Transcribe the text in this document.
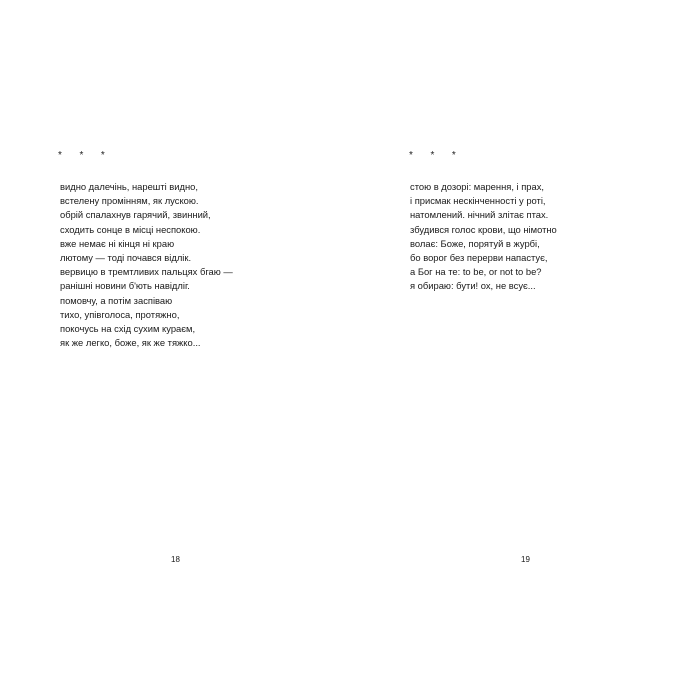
*  *  *
видно далечінь, нарешті видно,
встелену промінням, як лускою.
обрій спалахнув гарячий, звинний,
сходить сонце в місці неспокою.
вже немає ні кінця ні краю
лютому — тоді почався відлік.
вервицю в тремтливих пальцях бгаю —
ранішні новини б'ють навідліг.
помовчу, а потім заспіваю
тихо, упівголоса, протяжно,
покочусь на схід сухим кураєм,
як же легко, боже, як же тяжко...
18
*  *  *
стою в дозорі: марення, і прах,
і присмак нескінченності у роті,
натомлений. нічний злітає птах.
збудився голос крови, що німотно
волає: Боже, порятуй в журбі,
бо ворог без перерви напастує,
а Бог на те: to be, or not to be?
я обираю: бути! ох, не всує...
19
